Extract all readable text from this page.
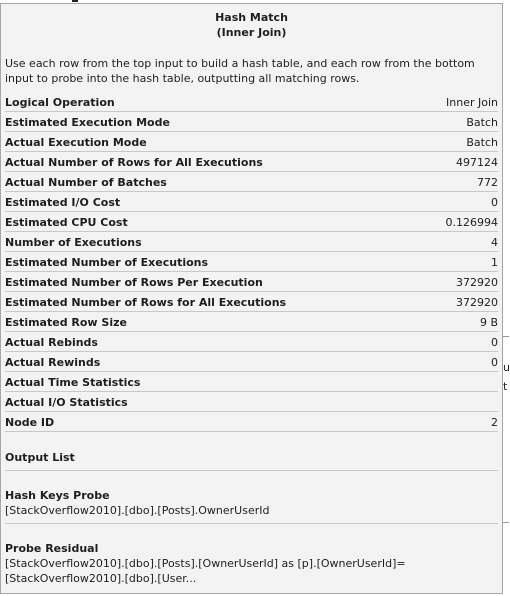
u
t
Hash Match
(Inner Join)
Use each row from the top input to build a hash table, and each row from the bottom input to probe into the hash table, outputting all matching rows.
Logical Operation	Inner Join
Estimated Execution Mode	Batch
Actual Execution Mode	Batch
Actual Number of Rows for All Executions	497124
Actual Number of Batches	772
Estimated I/O Cost	0
Estimated CPU Cost	0.126994
Number of Executions	4
Estimated Number of Executions	1
Estimated Number of Rows Per Execution	372920
Estimated Number of Rows for All Executions	372920
Estimated Row Size	9 B
Actual Rebinds	0
Actual Rewinds	0
Actual Time Statistics
Actual I/O Statistics
Node ID	2
Output List
Hash Keys Probe
[StackOverflow2010].[dbo].[Posts].OwnerUserId
Probe Residual
[StackOverflow2010].[dbo].[Posts].[OwnerUserId] as [p].[OwnerUserId]=[StackOverflow2010].[dbo].[User...
